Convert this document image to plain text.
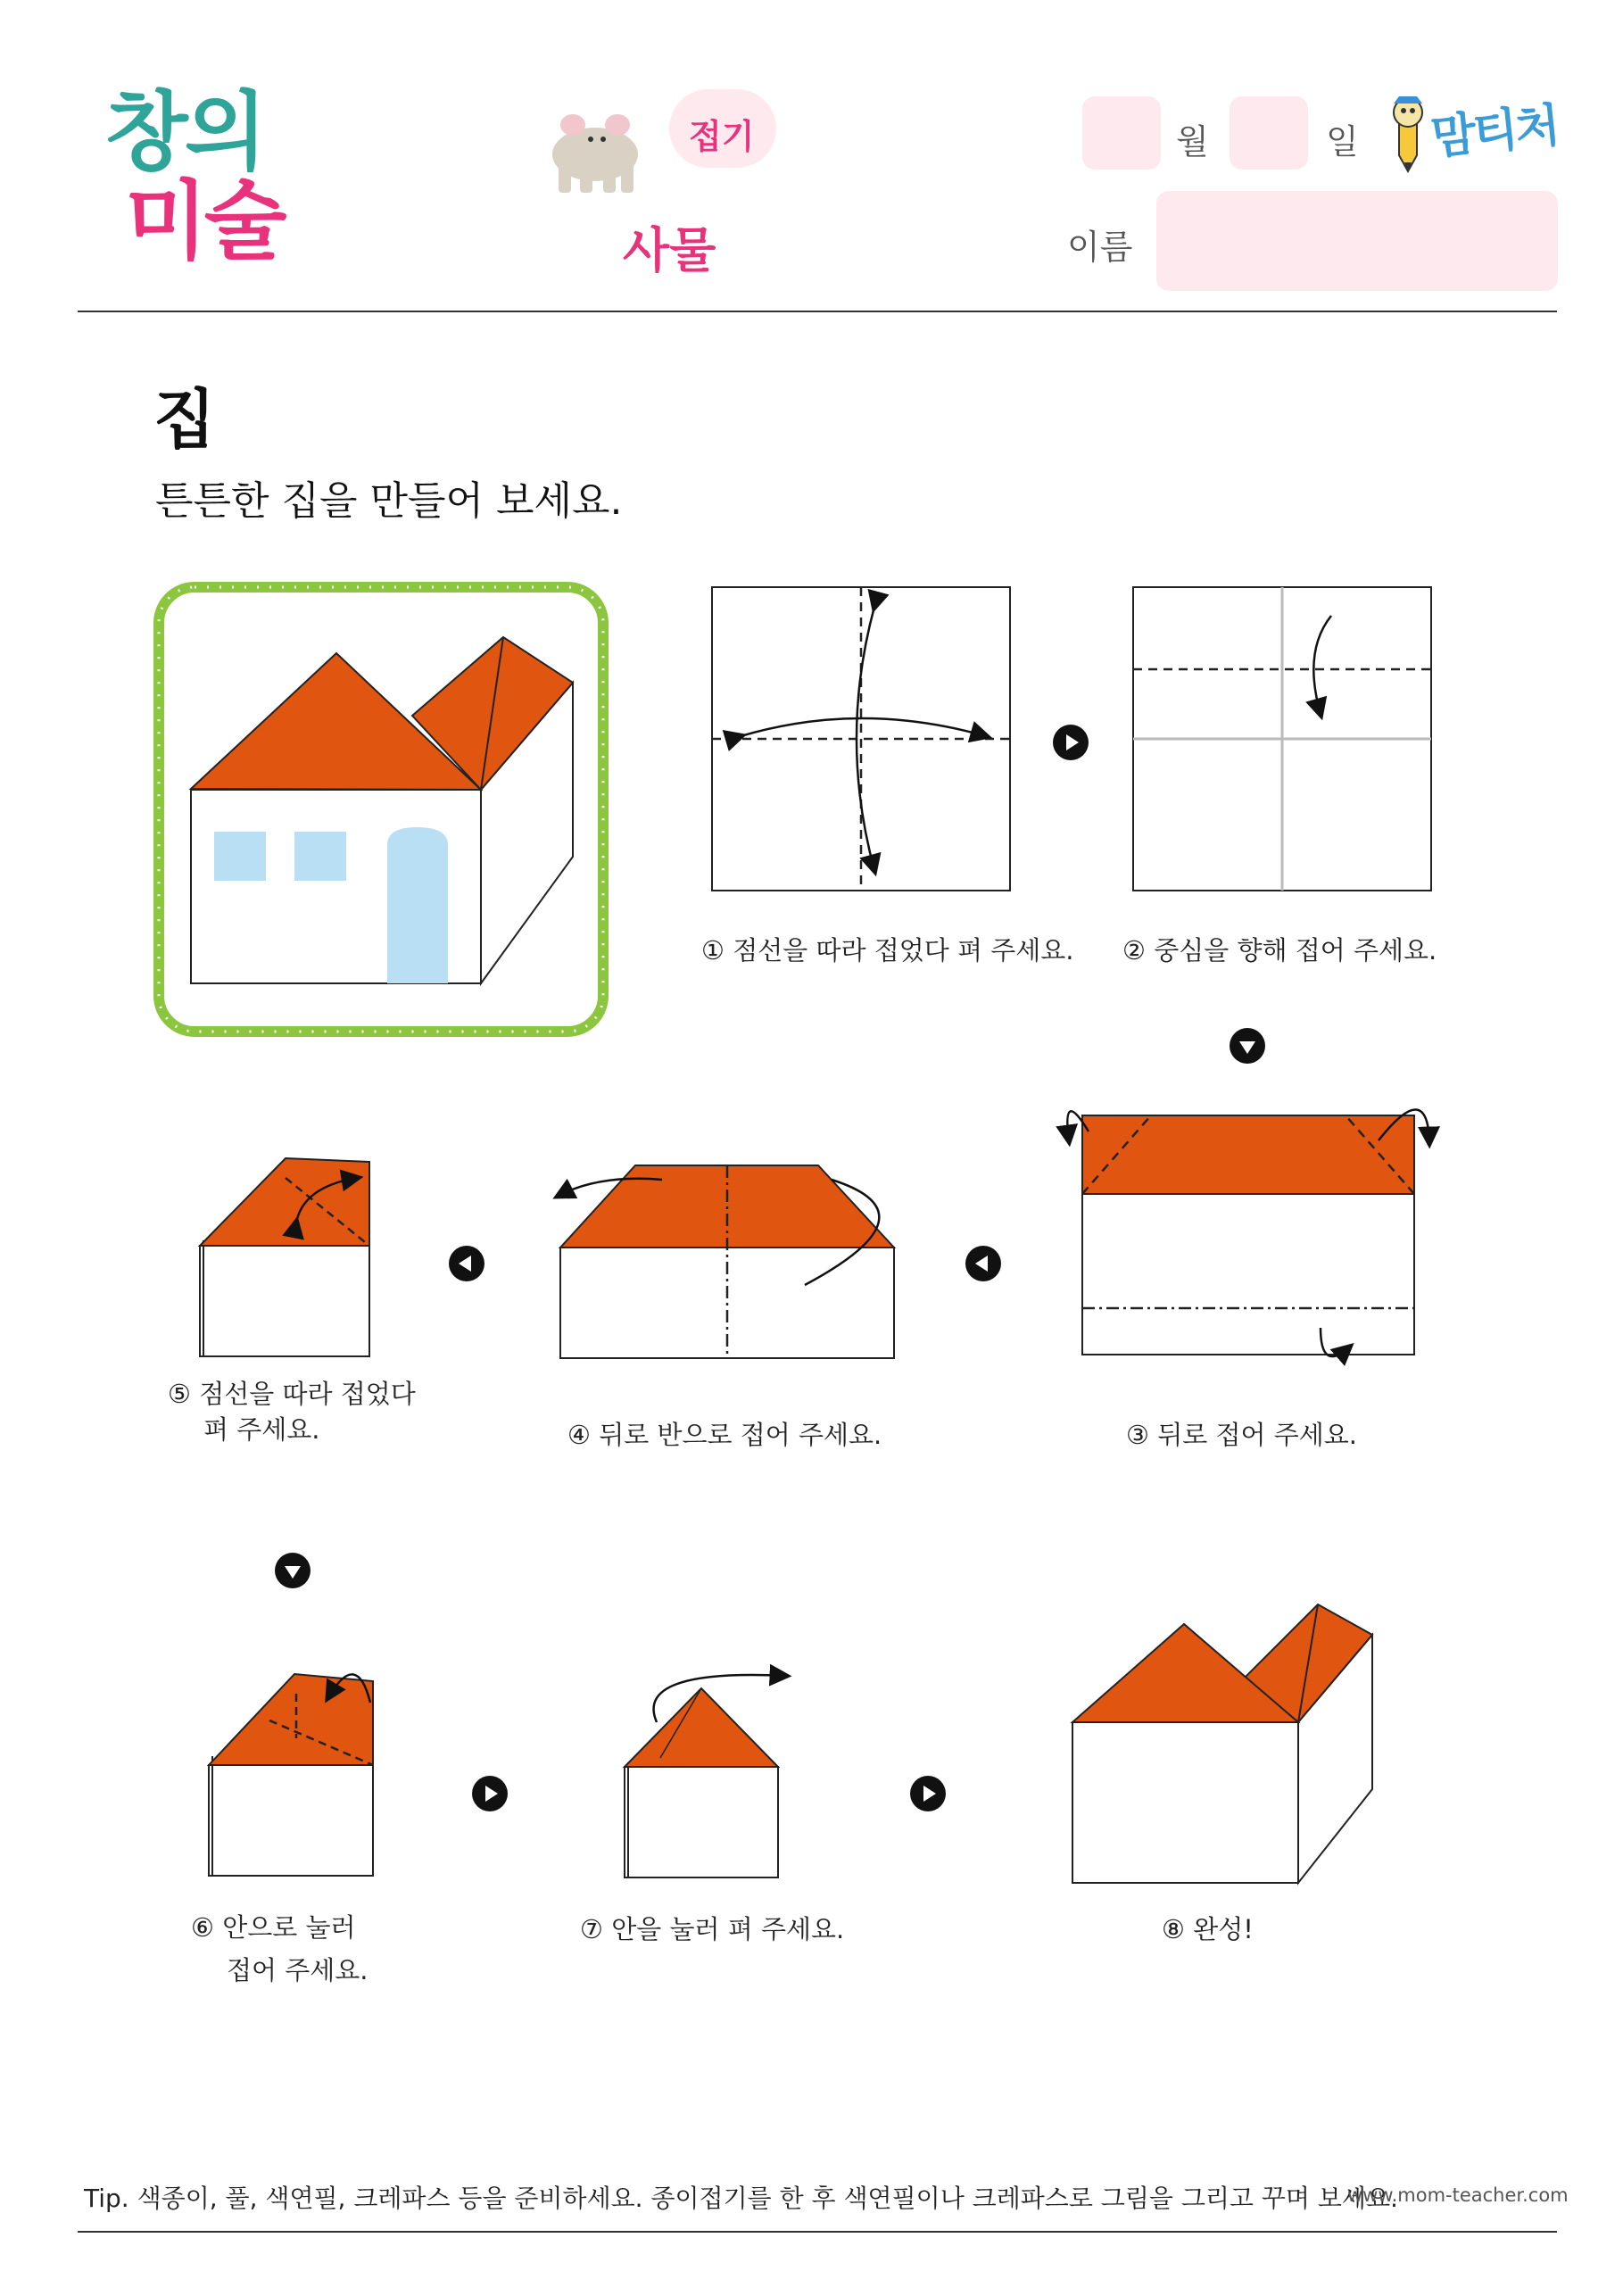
창의
미술
접기
사물
월	일 맘티처
이름
집
튼튼한 집을 만들어 보세요.
① 점선을 따라 접었다 펴 주세요. ② 중심을 향해 접어 주세요.
③ 뒤로 접어 주세요.
④ 뒤로 반으로 접어 주세요.
⑤ 점선을 따라 접었다
펴 주세요.
⑥ 안으로 눌러
접어 주세요.
⑦ 안을 눌러 펴 주세요.	⑧ 완성!
Tip. 색종이, 풀, 색연필, 크레파스 등을 준비하세요. 종이접기를 한 후 색연필이나 크레파스로 그림을 그리고 꾸며 보세요.
www.mom-teacher.com
